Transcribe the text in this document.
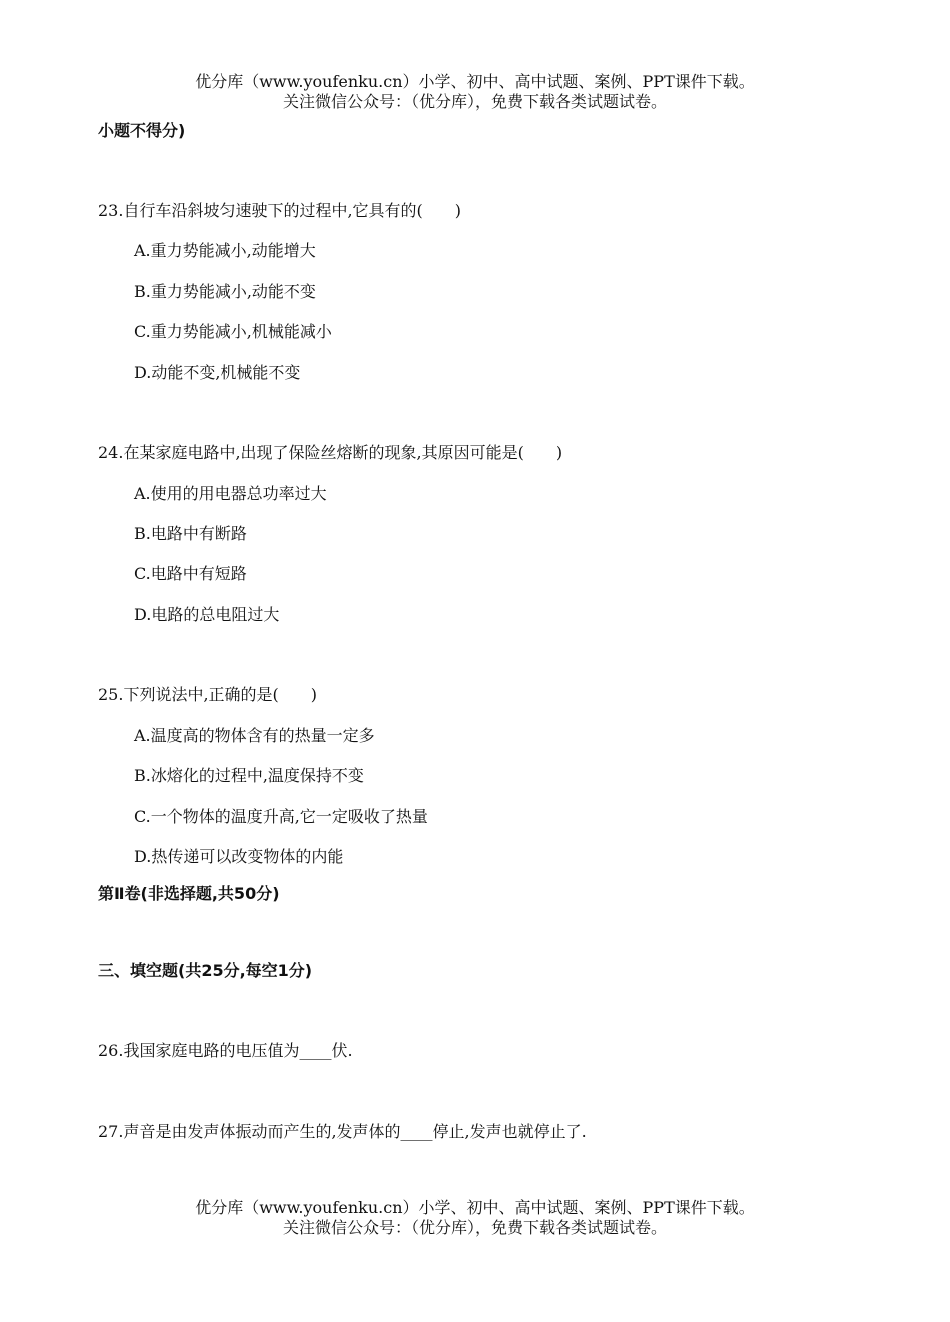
优分库（www.youfenku.cn）小学、初中、高中试题、案例、PPT课件下载。
关注微信公众号：（优分库），免费下载各类试题试卷。
小题不得分)
23.自行车沿斜坡匀速驶下的过程中,它具有的(　　)
A.重力势能减小,动能增大
B.重力势能减小,动能不变
C.重力势能减小,机械能减小
D.动能不变,机械能不变
24.在某家庭电路中,出现了保险丝熔断的现象,其原因可能是(　　)
A.使用的用电器总功率过大
B.电路中有断路
C.电路中有短路
D.电路的总电阻过大
25.下列说法中,正确的是(　　)
A.温度高的物体含有的热量一定多
B.冰熔化的过程中,温度保持不变
C.一个物体的温度升高,它一定吸收了热量
D.热传递可以改变物体的内能
第Ⅱ卷(非选择题,共50分)
三、填空题(共25分,每空1分)
26.我国家庭电路的电压值为____伏.
27.声音是由发声体振动而产生的,发声体的____停止,发声也就停止了.
优分库（www.youfenku.cn）小学、初中、高中试题、案例、PPT课件下载。
关注微信公众号：（优分库），免费下载各类试题试卷。
